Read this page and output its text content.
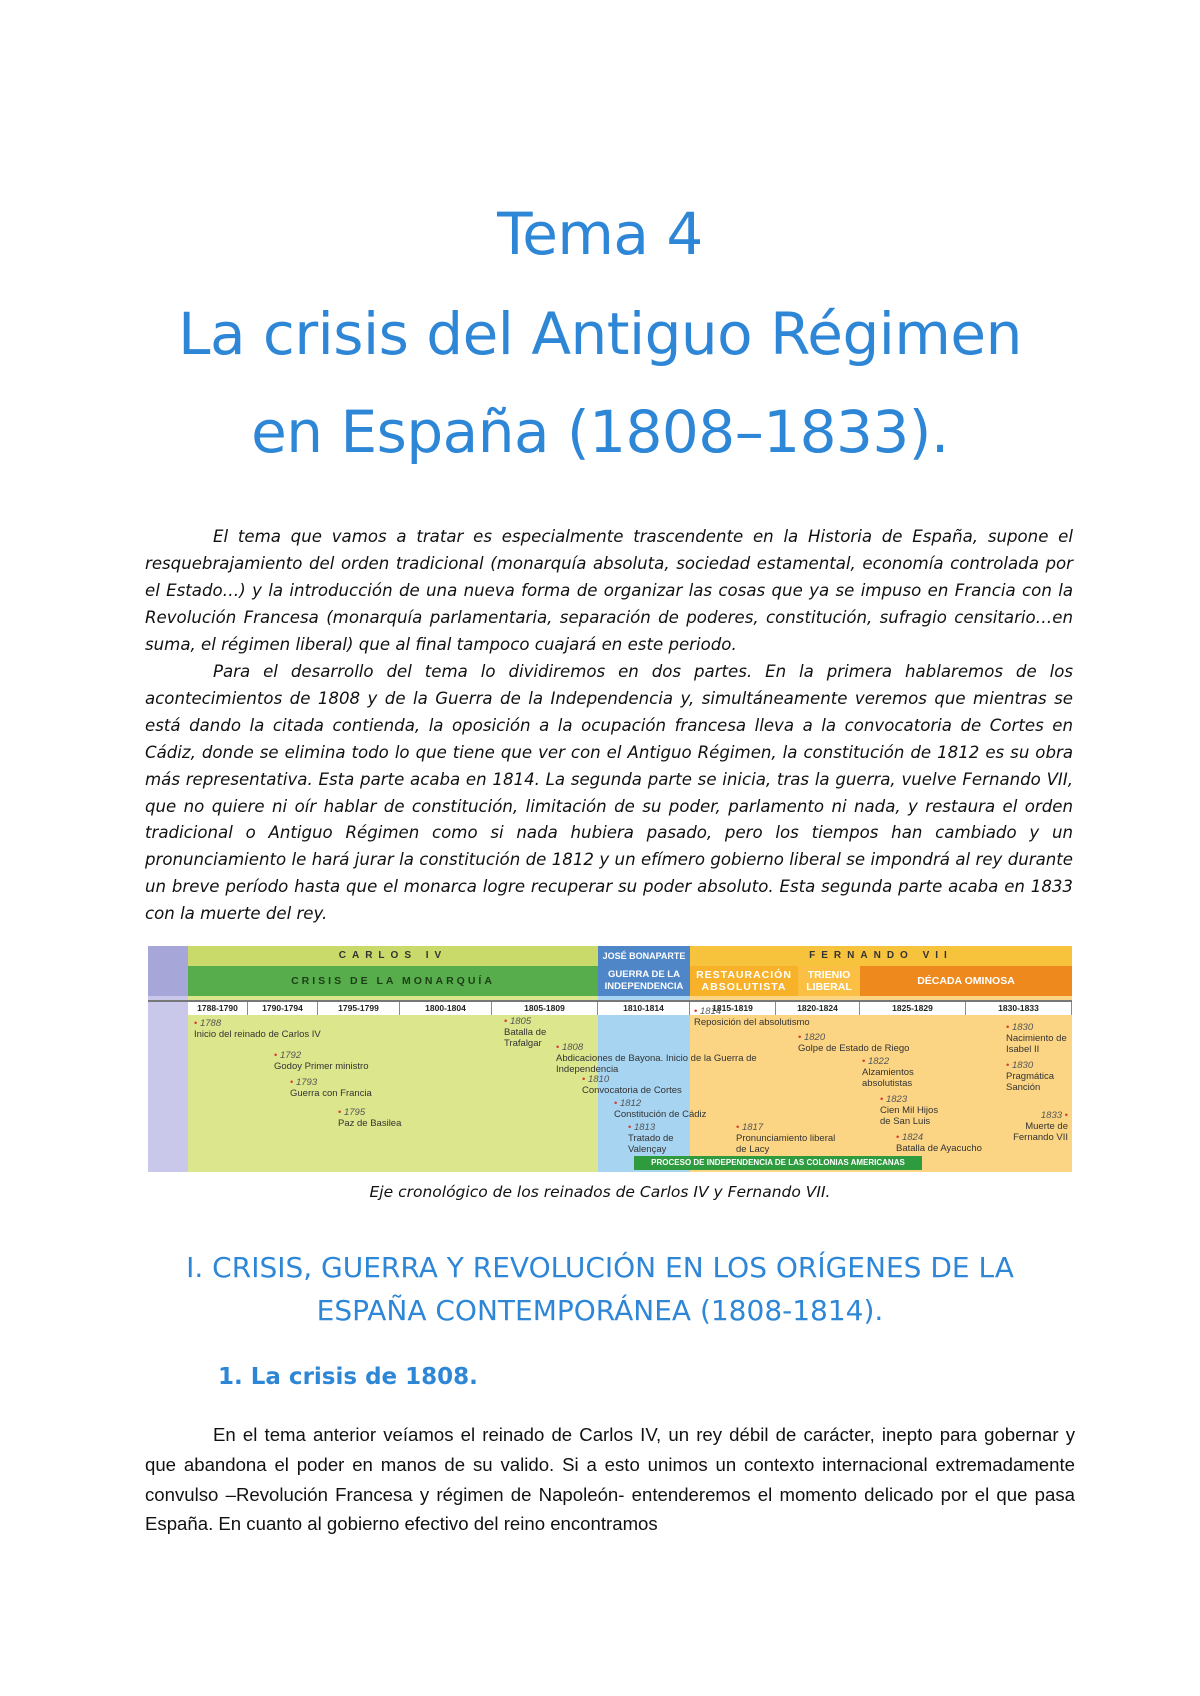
Tema 4
La crisis del Antiguo Régimen
en España (1808–1833).

El tema que vamos a tratar es especialmente trascendente en la Historia de España, supone el resquebrajamiento del orden tradicional (monarquía absoluta, sociedad estamental, economía controlada por el Estado…) y la introducción de una nueva forma de organizar las cosas que ya se impuso en Francia con la Revolución Francesa (monarquía parlamentaria, separación de poderes, constitución, sufragio censitario…en suma, el régimen liberal) que al final tampoco cuajará en este periodo.

Para el desarrollo del tema lo dividiremos en dos partes. En la primera hablaremos de los acontecimientos de 1808 y de la Guerra de la Independencia y, simultáneamente veremos que mientras se está dando la citada contienda, la oposición a la ocupación francesa lleva a la convocatoria de Cortes en Cádiz, donde se elimina todo lo que tiene que ver con el Antiguo Régimen, la constitución de 1812 es su obra más representativa. Esta parte acaba en 1814. La segunda parte se inicia, tras la guerra, vuelve Fernando VII, que no quiere ni oír hablar de constitución, limitación de su poder, parlamento ni nada, y restaura el orden tradicional o Antiguo Régimen como si nada hubiera pasado, pero los tiempos han cambiado y un pronunciamiento le hará jurar la constitución de 1812 y un efímero gobierno liberal se impondrá al rey durante un breve período hasta que el monarca logre recuperar su poder absoluto. Esta segunda parte acaba en 1833 con la muerte del rey.

CARLOS IV
CRISIS DE LA MONARQUÍA
JOSÉ BONAPARTE
GUERRA DE LA INDEPENDENCIA
FERNANDO VII
RESTAURACIÓN ABSOLUTISTA
TRIENIO LIBERAL	DÉCADA OMINOSA
1788-1790	1790-1794	1795-1799	1800-1804	1805-1809	1810-1814	1815-1819	1820-1824	1825-1829	1830-1833
• 1788
Inicio del reinado de Carlos IV
• 1792
Godoy Primer ministro
• 1793
Guerra con Francia
• 1795
Paz de Basilea
• 1805
Batalla de Trafalgar	• 1808
Abdicaciones de Bayona. Inicio de la Guerra de Independencia
• 1810
Convocatoria de Cortes
• 1812
Constitución de Cádiz
• 1813
Tratado de Valençay
• 1814
Reposición del absolutismo
• 1817
Pronunciamiento liberal de Lacy
• 1820
Golpe de Estado de Riego
• 1822
Alzamientos absolutistas
• 1823
Cien Mil Hijos de San Luis
• 1824
Batalla de Ayacucho
• 1830
Nacimiento de Isabel II
• 1830
Pragmática Sanción
1833 •
Muerte de Fernando VII
PROCESO DE INDEPENDENCIA DE LAS COLONIAS AMERICANAS
Eje cronológico de los reinados de Carlos IV y Fernando VII.
I. CRISIS, GUERRA Y REVOLUCIÓN EN LOS ORÍGENES DE LA
ESPAÑA CONTEMPORÁNEA (1808-1814).
1. La crisis de 1808.

En el tema anterior veíamos el reinado de Carlos IV, un rey débil de carácter, inepto para gobernar y que abandona el poder en manos de su valido. Si a esto unimos un contexto internacional extremadamente convulso –Revolución Francesa y régimen de Napoleón- entenderemos el momento delicado por el que pasa España. En cuanto al gobierno efectivo del reino encontramos
